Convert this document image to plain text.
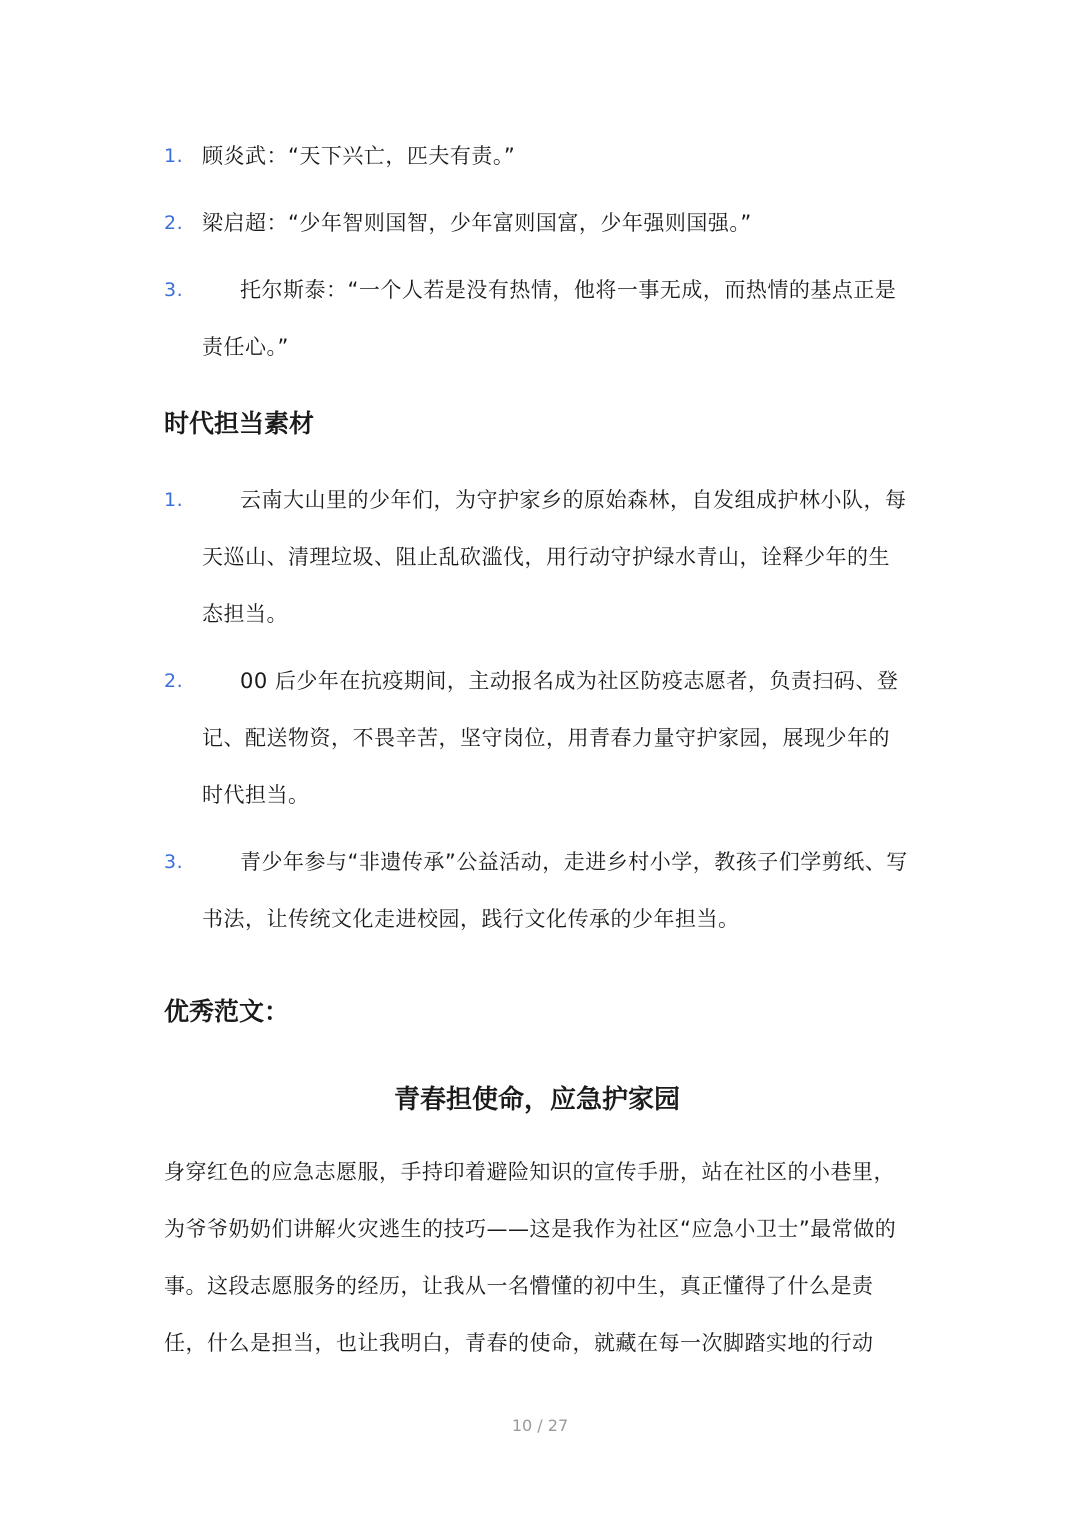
1. 顾炎武：“天下兴亡，匹夫有责。”
2. 梁启超：“少年智则国智，少年富则国富，少年强则国强。”
3.	托尔斯泰：“一个人若是没有热情，他将一事无成，而热情的基点正是责任心。”
时代担当素材
1.	云南大山里的少年们，为守护家乡的原始森林，自发组成护林小队，每天巡山、清理垃圾、阻止乱砍滥伐，用行动守护绿水青山，诠释少年的生态担当。
2.	00 后少年在抗疫期间，主动报名成为社区防疫志愿者，负责扫码、登记、配送物资，不畏辛苦，坚守岗位，用青春力量守护家园，展现少年的时代担当。
3.	青少年参与“非遗传承”公益活动，走进乡村小学，教孩子们学剪纸、写书法，让传统文化走进校园，践行文化传承的少年担当。
优秀范文：
青春担使命，应急护家园

身穿红色的应急志愿服，手持印着避险知识的宣传手册，站在社区的小巷里，为爷爷奶奶们讲解火灾逃生的技巧——这是我作为社区“应急小卫士”最常做的事。这段志愿服务的经历，让我从一名懵懂的初中生，真正懂得了什么是责任，什么是担当，也让我明白，青春的使命，就藏在每一次脚踏实地的行动

10 / 27
